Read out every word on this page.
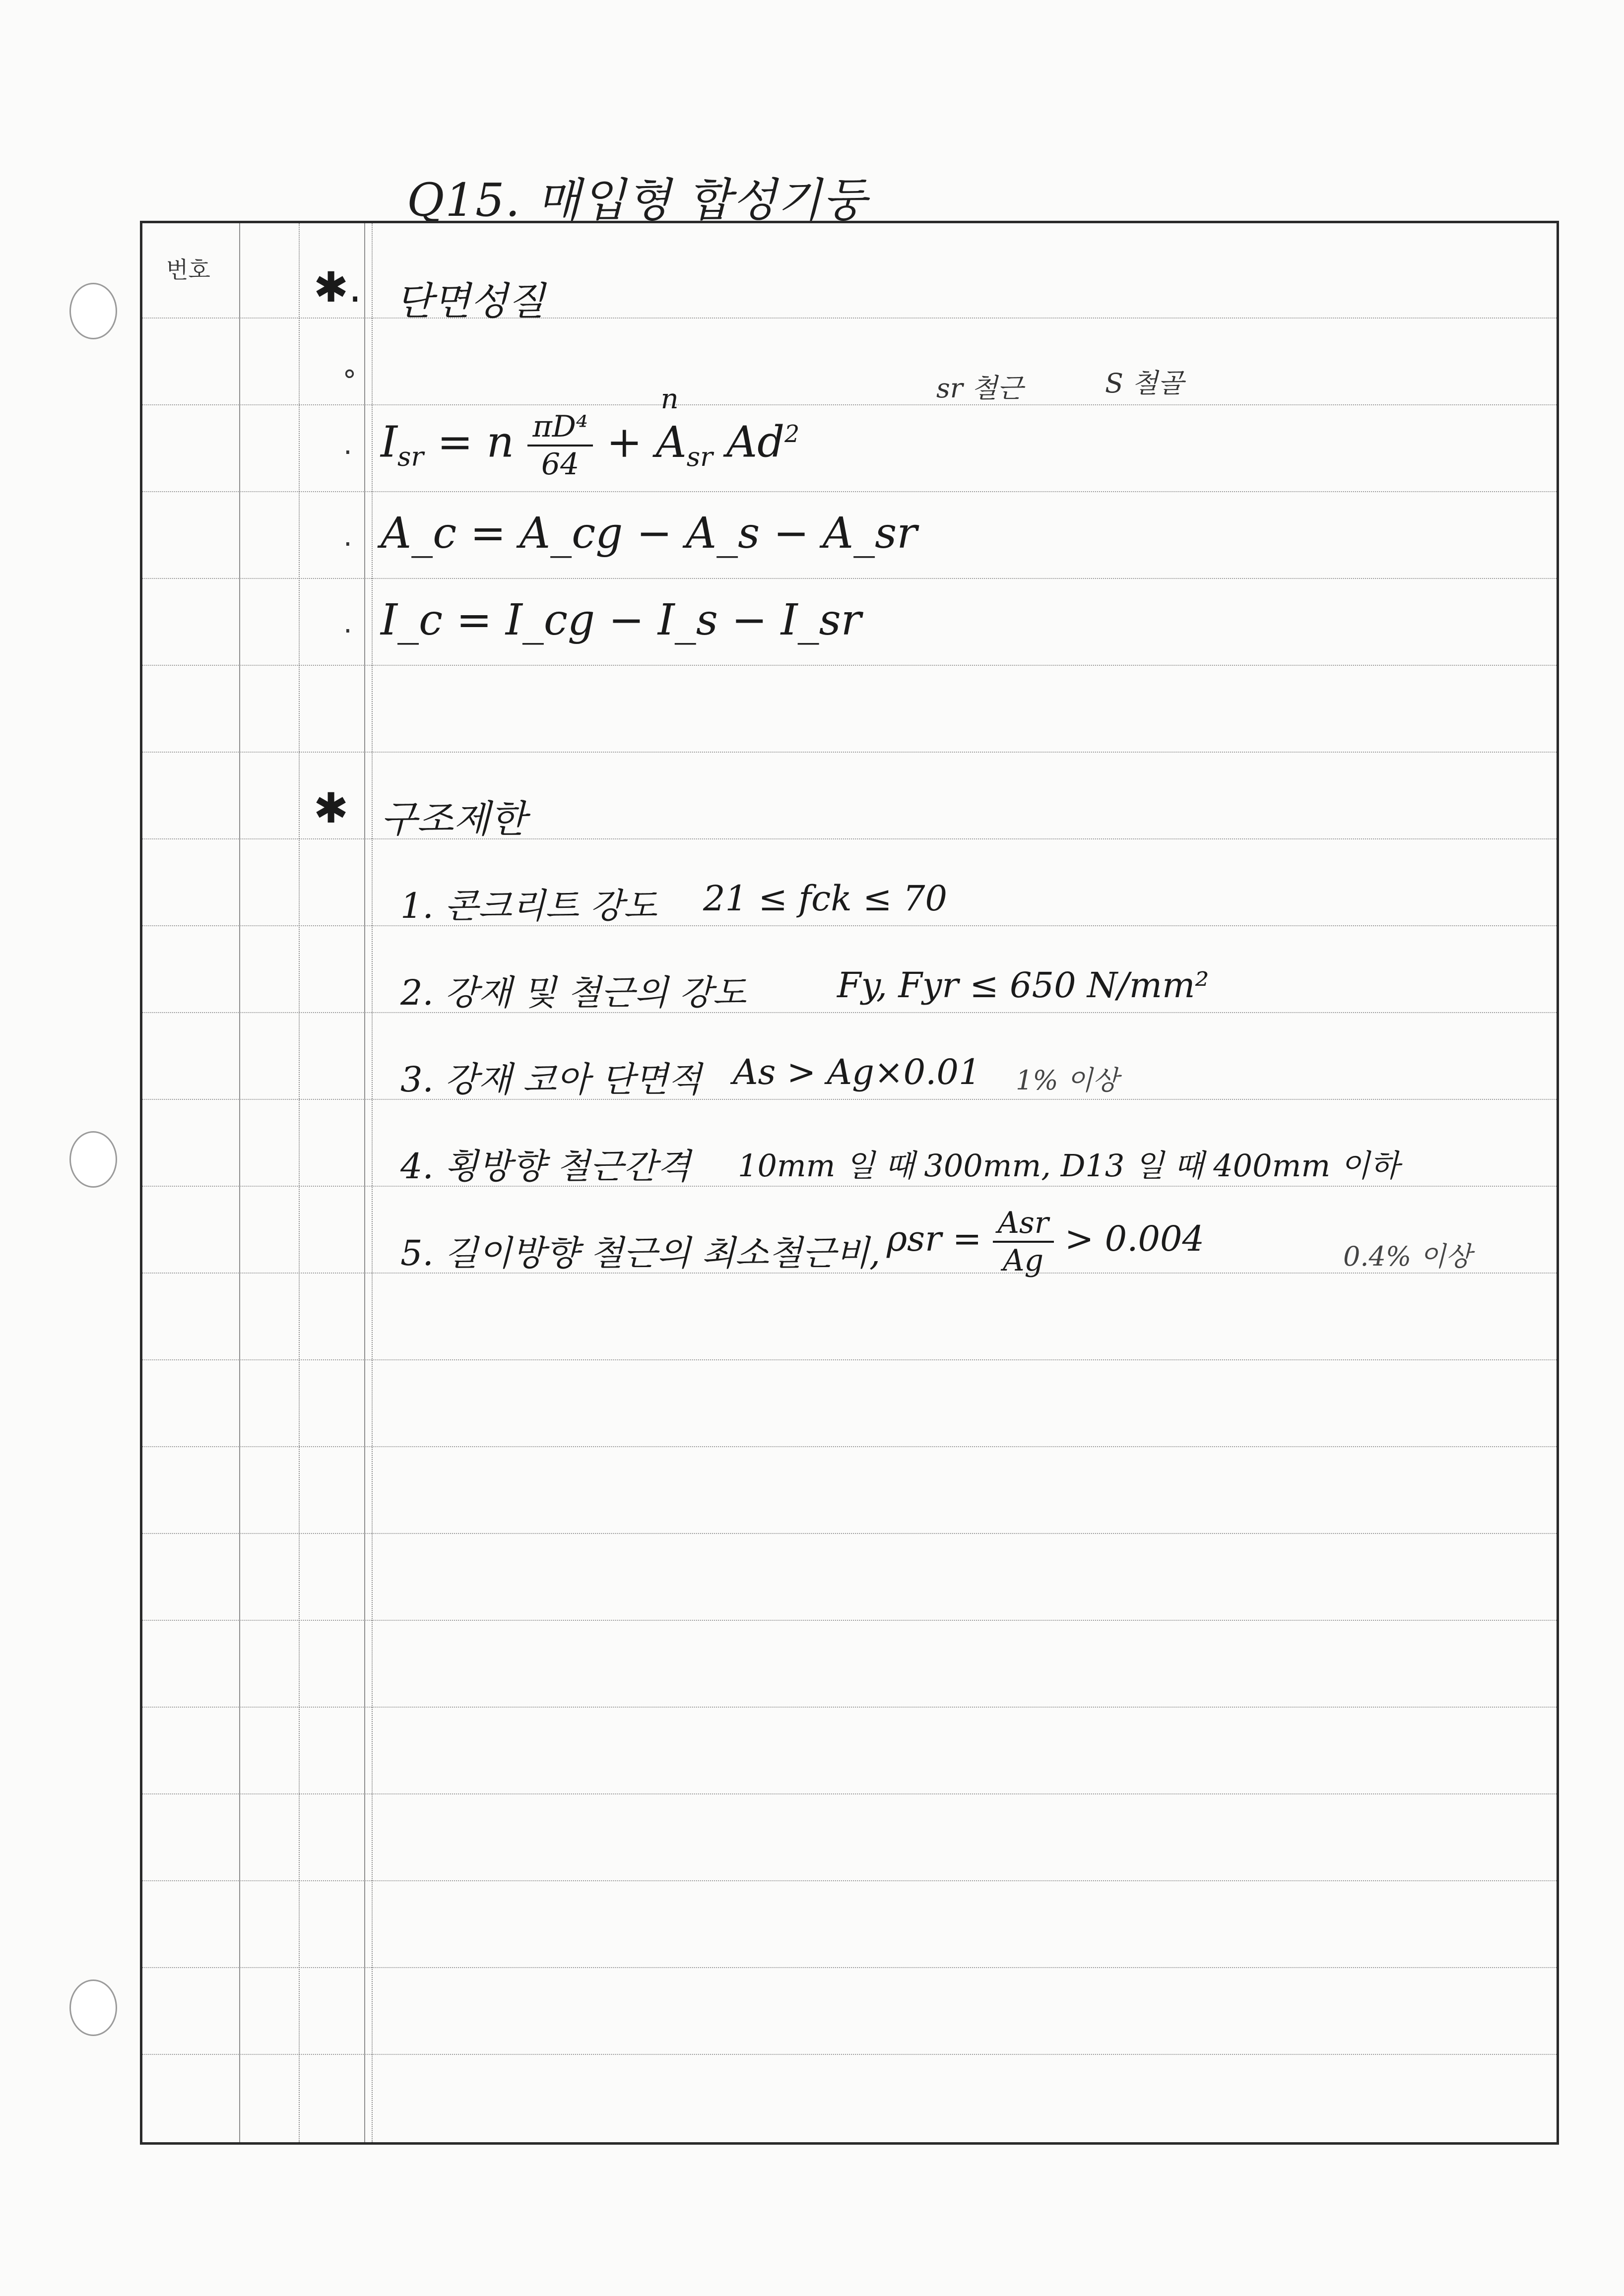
Q15. 매입형 합성기둥
번호 ✱. 단면성질
∘	sr 철근	S 철골
· $I_{sr} = n \frac{\text{πD⁴}}{64}$ +
n
$A_{sr}$ $Ad^2$
· A_c = A_cg − A_s − A_sr
· I_c = I_cg − I_s − I_sr
✱ 구조제한
1. 콘크리트 강도 21 ≤ fck ≤ 70
2. 강재 및 철근의 강도	Fy, Fyr ≤ 650 N/mm²
3. 강재 코아 단면적 As > Ag×0.01 1% 이상
4. 횡방향 철근간격 10mm 일 때 300mm, D13 일 때 400mm 이하
5. 길이방향 철근의 최소철근비, $\rho sr = \frac{\text{Asr}}{Ag} > 0.004$	0.4% 이상
